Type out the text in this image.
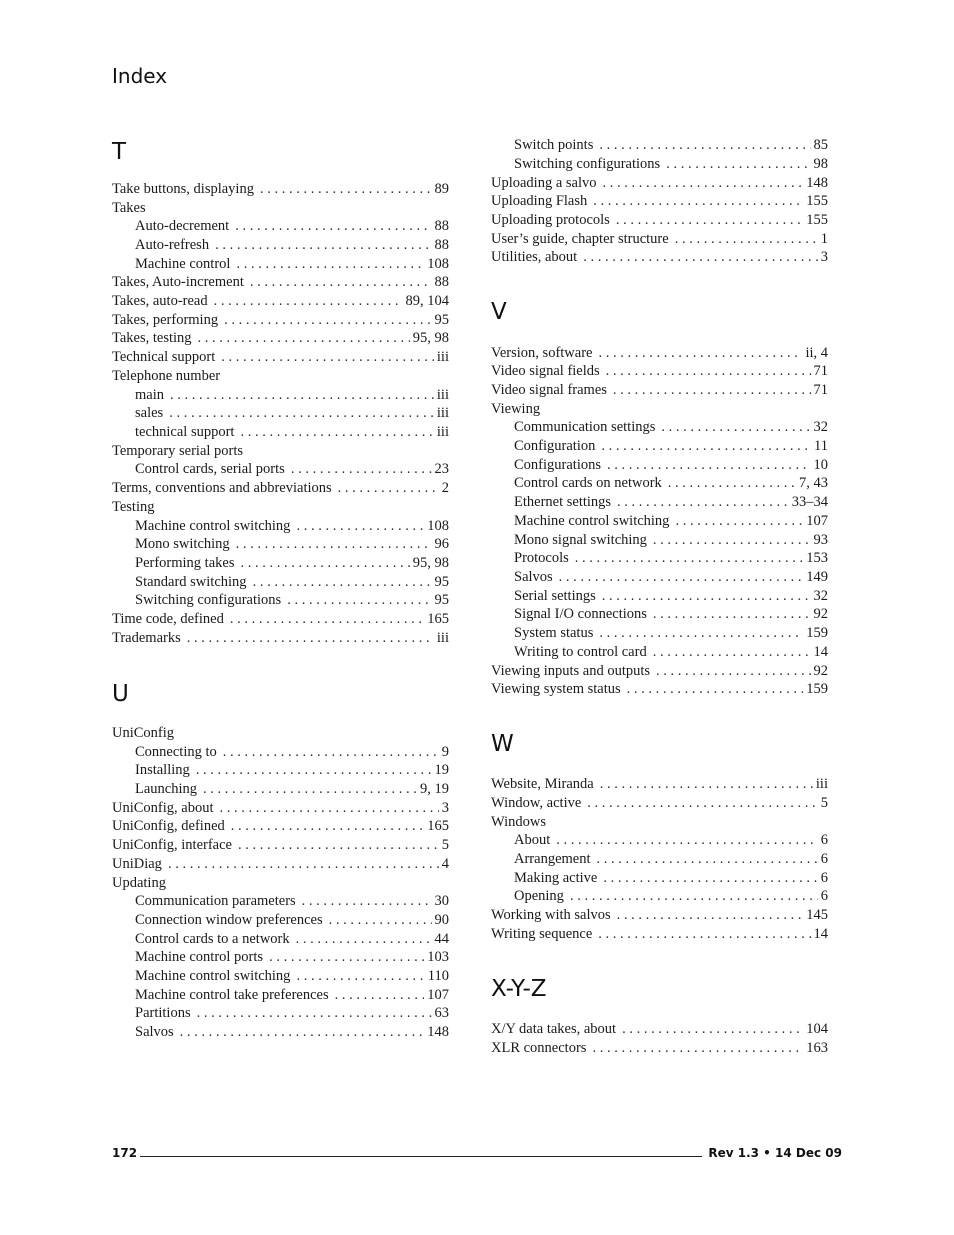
Index
T
Take buttons, displaying . . .	89
Takes
Auto-decrement . . .	88
Auto-refresh . . .	88
Machine control . . .	108
Takes, Auto-increment . . .	88
Takes, auto-read . . .	89, 104
Takes, performing . . .	95
Takes, testing . . .	95, 98
Technical support . . .	iii
Telephone number
main . . .	iii
sales . . .	iii
technical support . . .	iii
Temporary serial ports
Control cards, serial ports . . .	23
Terms, conventions and abbreviations . . .	2
Testing
Machine control switching . . .	108
Mono switching . . .	96
Performing takes . . .	95, 98
Standard switching . . .	95
Switching configurations . . .	95
Time code, defined . . .	165
Trademarks . . .	iii
U
UniConfig
Connecting to . . .	9
Installing . . .	19
Launching . . .	9, 19
UniConfig, about . . .	3
UniConfig, defined . . .	165
UniConfig, interface . . .	5
UniDiag . . .	4
Updating
Communication parameters . . .	30
Connection window preferences . . .	90
Control cards to a network . . .	44
Machine control ports . . .	103
Machine control switching . . .	110
Machine control take preferences . . .	107
Partitions . . .	63
Salvos . . .	148
Switch points . . .	85
Switching configurations . . .	98
Uploading a salvo . . .	148
Uploading Flash . . .	155
Uploading protocols . . .	155
User’s guide, chapter structure . . .	1
Utilities, about . . .	3
V
Version, software . . .	ii, 4
Video signal fields . . .	71
Video signal frames . . .	71
Viewing
Communication settings . . .	32
Configuration . . .	11
Configurations . . .	10
Control cards on network . . .	7, 43
Ethernet settings . . .	33–34
Machine control switching . . .	107
Mono signal switching . . .	93
Protocols . . .	153
Salvos . . .	149
Serial settings . . .	32
Signal I/O connections . . .	92
System status . . .	159
Writing to control card . . .	14
Viewing inputs and outputs . . .	92
Viewing system status . . .	159
W
Website, Miranda . . .	iii
Window, active . . .	5
Windows
About . . .	6
Arrangement . . .	6
Making active . . .	6
Opening . . .	6
Working with salvos . . .	145
Writing sequence . . .	14
X-Y-Z
X/Y data takes, about . . .	104
XLR connectors . . .	163
172	Rev 1.3 • 14 Dec 09
